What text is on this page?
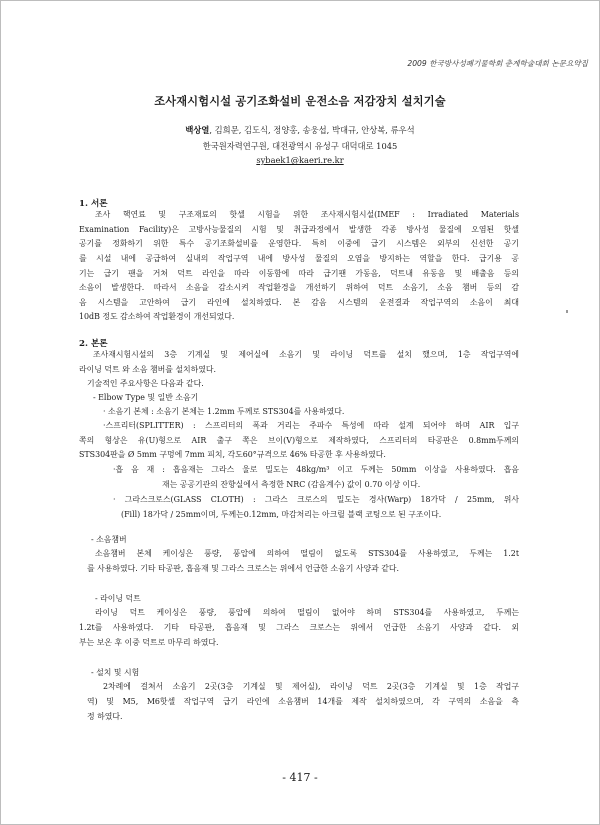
2009 한국방사성폐기물학회 춘계학술대회 논문요약집
조사재시험시설 공기조화설비 운전소음 저감장치 설치기술
백상열, 김희문, 김도식, 정양홍, 송웅섭, 박대규, 안상복, 류우석
한국원자력연구원, 대전광역시 유성구 대덕대로 1045
sybaek1@kaeri.re.kr
1. 서론
조사 핵연료 및 구조재료의 핫셀 시험을 위한 조사재시험시설(IMEF : Irradiated Materials
Examination Facility)은 고방사능물질의 시험 및 취급과정에서 발생한 각종 방사성 물질에 오염된 핫셀
공기를 정화하기 위한 특수 공기조화설비를 운영한다. 특히 이중에 급기 시스템은 외부의 신선한 공기
를 시설 내에 공급하여 실내의 작업구역 내에 방사성 물질의 오염을 방지하는 역할을 한다. 급기용 공
기는 급기 팬을 거쳐 덕트 라인을 따라 이동함에 따라 급기팬 가동음, 덕트내 유동음 및 배출음 등의
소음이 발생한다. 따라서 소음을 감소시켜 작업환경을 개선하기 위하여 덕트 소음기, 소음 챔버 등의 감
음 시스템을 고안하여 급기 라인에 설치하였다. 본 감음 시스템의 운전결과 작업구역의 소음이 최대
10dB 정도 감소하여 작업환경이 개선되었다.
2. 본론
조사재시험시설의 3층 기계실 및 제어실에 소음기 및 라이닝 덕트를 설치 했으며, 1층 작업구역에
라이닝 덕트 와 소음 챔버를 설치하였다.
기술적인 주요사항은 다음과 같다.
- Elbow Type 및 일반 소음기
· 소음기 본체 : 소음기 본체는 1.2mm 두께로 STS304를 사용하였다.
·스프리터(SPLITTER) : 스프리터의 폭과 거리는 주파수 특성에 따라 설계 되어야 하며 AIR 입구
쪽의 형상은 유(U)형으로 AIR 출구 쪽은 브이(V)형으로 제작하였다, 스프리터의 타공판은 0.8mm두께의
STS304판을 Ø 5mm 구멍에 7mm 피치, 각도60°규격으로 46% 타공한 후 사용하였다.
·흡 음 재 : 흡음재는 그라스 울로 밀도는 48kg/m³ 이고 두께는 50mm 이상을 사용하였다. 흡음
재는 공공기관의 잔향실에서 측정한 NRC (감음계수) 값이 0.70 이상 이다.
· 그라스크로스(GLASS CLOTH) : 그라스 크로스의 밀도는 경사(Warp) 18가닥 / 25mm, 위사
(Fill) 18가닥 / 25mm이며, 두께는0.12mm, 마감처리는 아크릴 블랙 코팅으로 된 구조이다.
- 소음챔버
소음챔버 본체 케이싱은 풍량, 풍압에 의하여 떨림이 없도록 STS304를 사용하였고, 두께는 1.2t
를 사용하였다. 기타 타공판, 흡음재 및 그라스 크로스는 위에서 언급한 소음기 사양과 같다.
- 라이닝 덕트
라이닝 덕트 케이싱은 풍량, 풍압에 의하여 떨림이 없어야 하며 STS304를 사용하였고, 두께는
1.2t를 사용하였다. 기타 타공판, 흡음재 및 그라스 크로스는 위에서 언급한 소음기 사양과 같다. 외
부는 보온 후 이중 덕트로 마무리 하였다.
- 설치 및 시험
2차례에 걸쳐서 소음기 2곳(3층 기계실 및 제어실), 라이닝 덕트 2곳(3층 기계실 및 1층 작업구
역) 및 M5, M6핫셀 작업구역 급기 라인에 소음챔버 14개를 제작 설치하였으며, 각 구역의 소음을 측
정 하였다.
- 417 -
